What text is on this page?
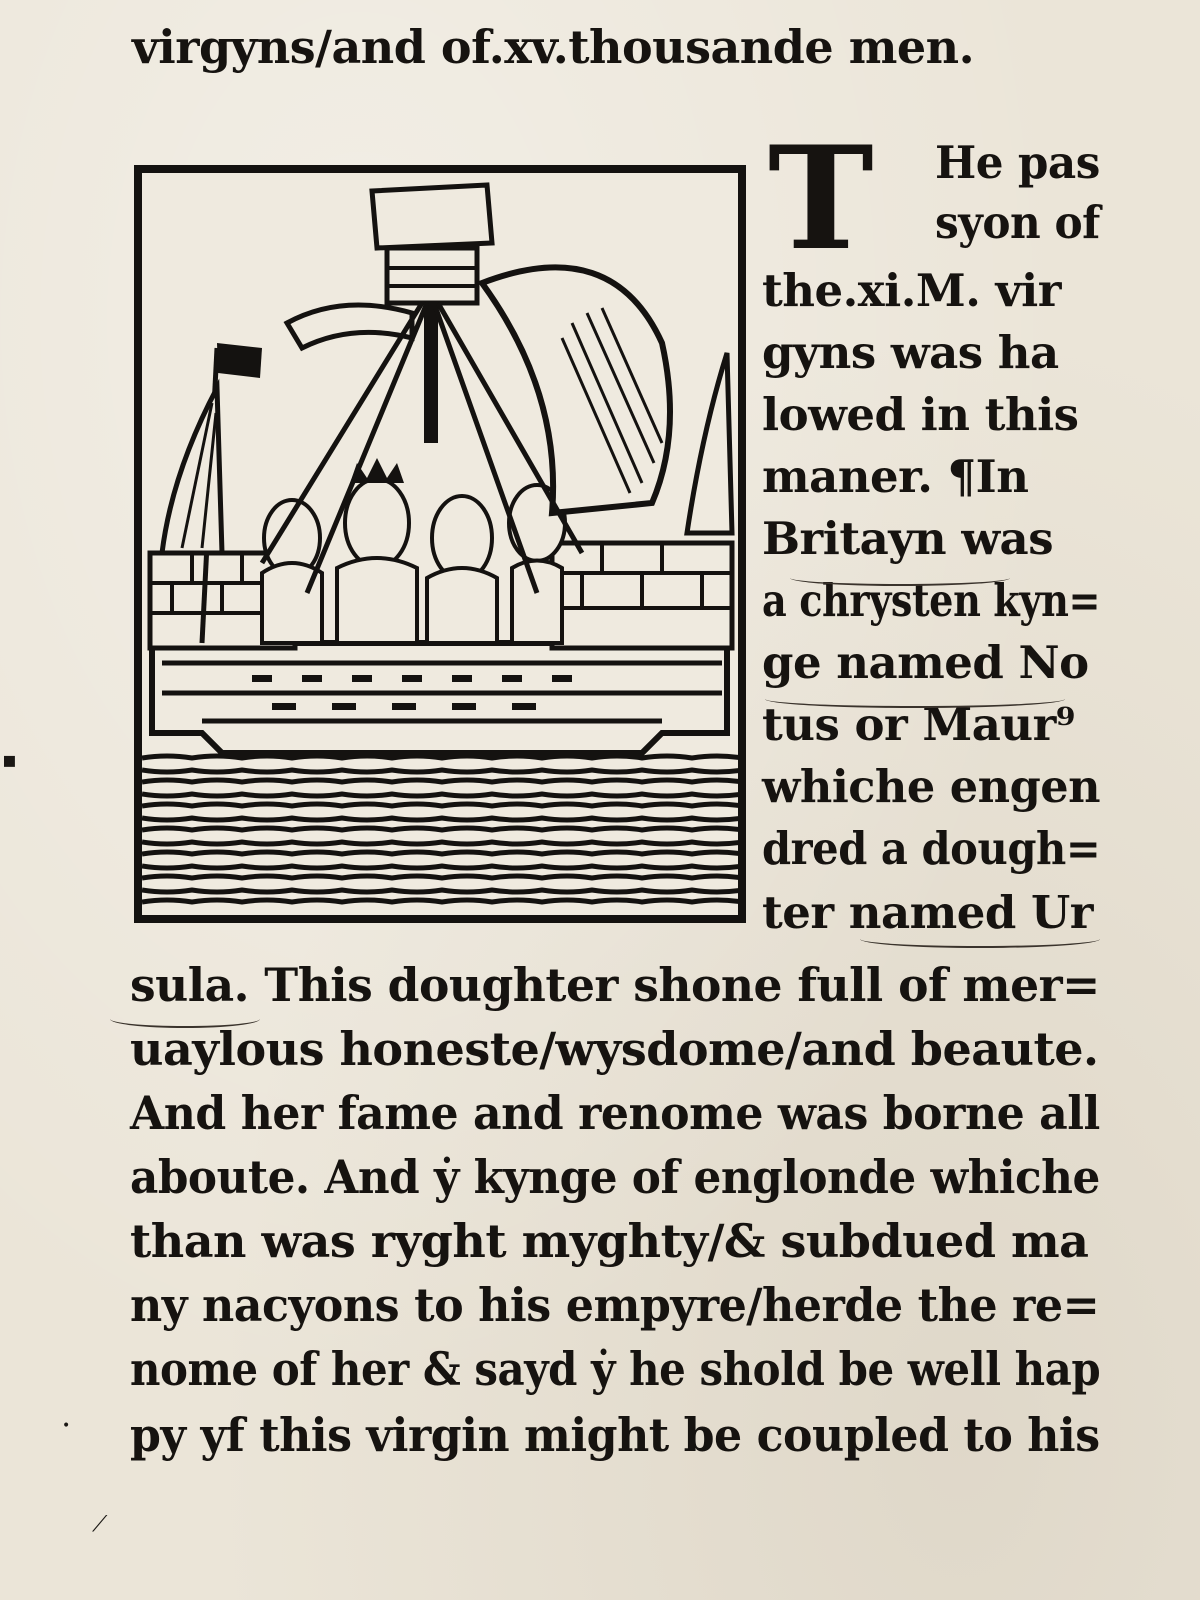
virgyns/and of.xv.thousande men.
T He pas
syon of
the.xi.M. vir
gyns was ha
lowed in this
maner. ¶In
Britayn was
a chrysten kyn=
ge named No
tus or Maur⁹
whiche engen
dred a dough=
ter named Ur
sula. This doughter shone full of mer=
uaylous honeste/wysdome/and beaute.
And her fame and renome was borne all
aboute. And ẏ kynge of englonde whiche
than was ryght myghty/& subdued ma
ny nacyons to his empyre/herde the re=
nome of her & sayd ẏ he shold be well hap
py yf this virgin might be coupled to his
▪
•
⟋
